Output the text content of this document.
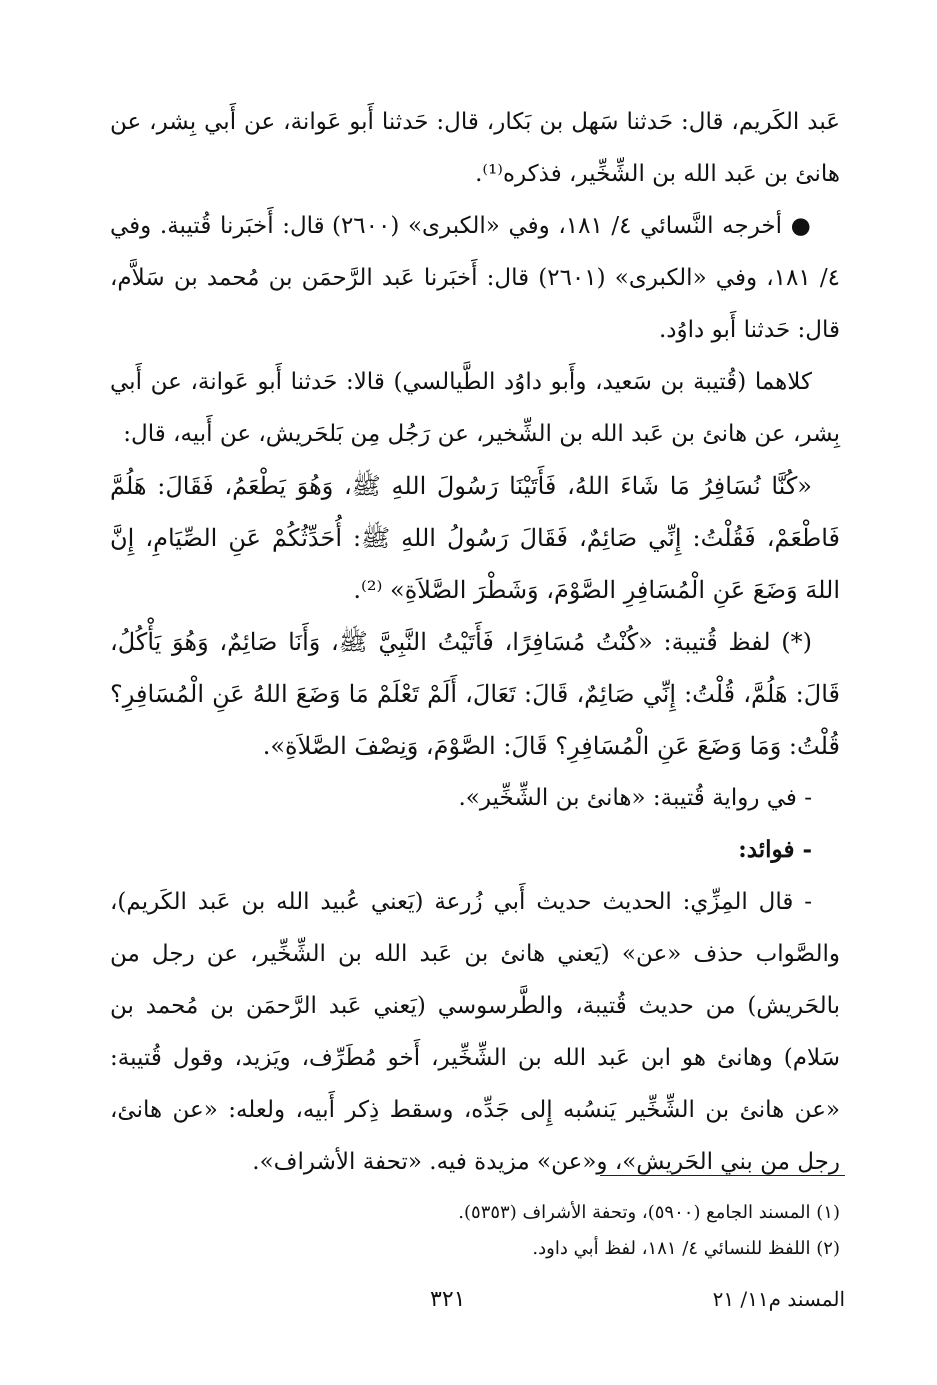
عَبد الكَريم، قال: حَدثنا سَهل بن بَكار، قال: حَدثنا أَبو عَوانة، عن أَبي بِشر، عن هانئ بن عَبد الله بن الشِّخِّير، فذكره⁽¹⁾.

● أخرجه النَّسائي ٤/ ١٨١، وفي «الكبرى» (٢٦٠٠) قال: أَخبَرنا قُتيبة. وفي ٤/ ١٨١، وفي «الكبرى» (٢٦٠١) قال: أَخبَرنا عَبد الرَّحمَن بن مُحمد بن سَلاَّم، قال: حَدثنا أَبو داوُد.

كلاهما (قُتيبة بن سَعيد، وأَبو داوُد الطَّيالسي) قالا: حَدثنا أَبو عَوانة، عن أَبي بِشر، عن هانئ بن عَبد الله بن الشِّخير، عن رَجُل مِن بَلحَريش، عن أَبيه، قال:

«كُنَّا نُسَافِرُ مَا شَاءَ اللهُ، فَأَتَيْنَا رَسُولَ اللهِ ﷺ، وَهُوَ يَطْعَمُ، فَقَالَ: هَلُمَّ فَاطْعَمْ، فَقُلْتُ: إِنِّي صَائِمٌ، فَقَالَ رَسُولُ اللهِ ﷺ: أُحَدِّثُكُمْ عَنِ الصِّيَامِ، إِنَّ اللهَ وَضَعَ عَنِ الْمُسَافِرِ الصَّوْمَ، وَشَطْرَ الصَّلاَةِ» ⁽²⁾.

(*) لفظ قُتيبة: «كُنْتُ مُسَافِرًا، فَأَتَيْتُ النَّبِيَّ ﷺ، وَأَنَا صَائِمٌ، وَهُوَ يَأْكُلُ، قَالَ: هَلُمَّ، قُلْتُ: إِنِّي صَائِمٌ، قَالَ: تَعَالَ، أَلَمْ تَعْلَمْ مَا وَضَعَ اللهُ عَنِ الْمُسَافِرِ؟ قُلْتُ: وَمَا وَضَعَ عَنِ الْمُسَافِرِ؟ قَالَ: الصَّوْمَ، وَنِصْفَ الصَّلاَةِ».

- في رواية قُتيبة: «هانئ بن الشِّخِّير».

- فوائد:

- قال المِزِّي: الحديث حديث أَبي زُرعة (يَعني عُبيد الله بن عَبد الكَريم)، والصَّواب حذف «عن» (يَعني هانئ بن عَبد الله بن الشِّخِّير، عن رجل من بالحَريش) من حديث قُتيبة، والطَّرسوسي (يَعني عَبد الرَّحمَن بن مُحمد بن سَلام) وهانئ هو ابن عَبد الله بن الشِّخِّير، أَخو مُطَرِّف، ويَزيد، وقول قُتيبة: «عن هانئ بن الشِّخِّير يَنسُبه إِلى جَدِّه، وسقط ذِكر أَبيه، ولعله: «عن هانئ، رجل من بني الحَريش»، و«عن» مزيدة فيه. «تحفة الأشراف».

(١) المسند الجامع (٥٩٠٠)، وتحفة الأشراف (٥٣٥٣).
(٢) اللفظ للنسائي ٤/ ١٨١، لفظ أبي داود.
المسند م١١/ ٢١
٣٢١
